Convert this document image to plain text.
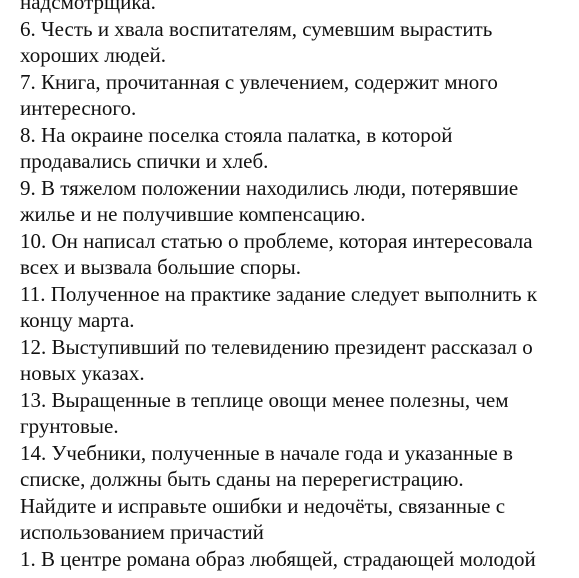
надсмотрщика.
6. Честь и хвала воспитателям, сумевшим вырастить
хороших людей.
7. Книга, прочитанная с увлечением, содержит много
интересного.
8. На окраине поселка стояла палатка, в которой
продавались спички и хлеб.
9. В тяжелом положении находились люди, потерявшие
жилье и не получившие компенсацию.
10. Он написал статью о проблеме, которая интересовала
всех и вызвала большие споры.
11. Полученное на практике задание следует выполнить к
концу марта.
12. Выступивший по телевидению президент рассказал о
новых указах.
13. Выращенные в теплице овощи менее полезны, чем
грунтовые.
14. Учебники, полученные в начале года и указанные в
списке, должны быть сданы на перерегистрацию.
Найдите и исправьте ошибки и недочёты, связанные с
использованием причастий
1. В центре романа образ любящей, страдающей молодой
